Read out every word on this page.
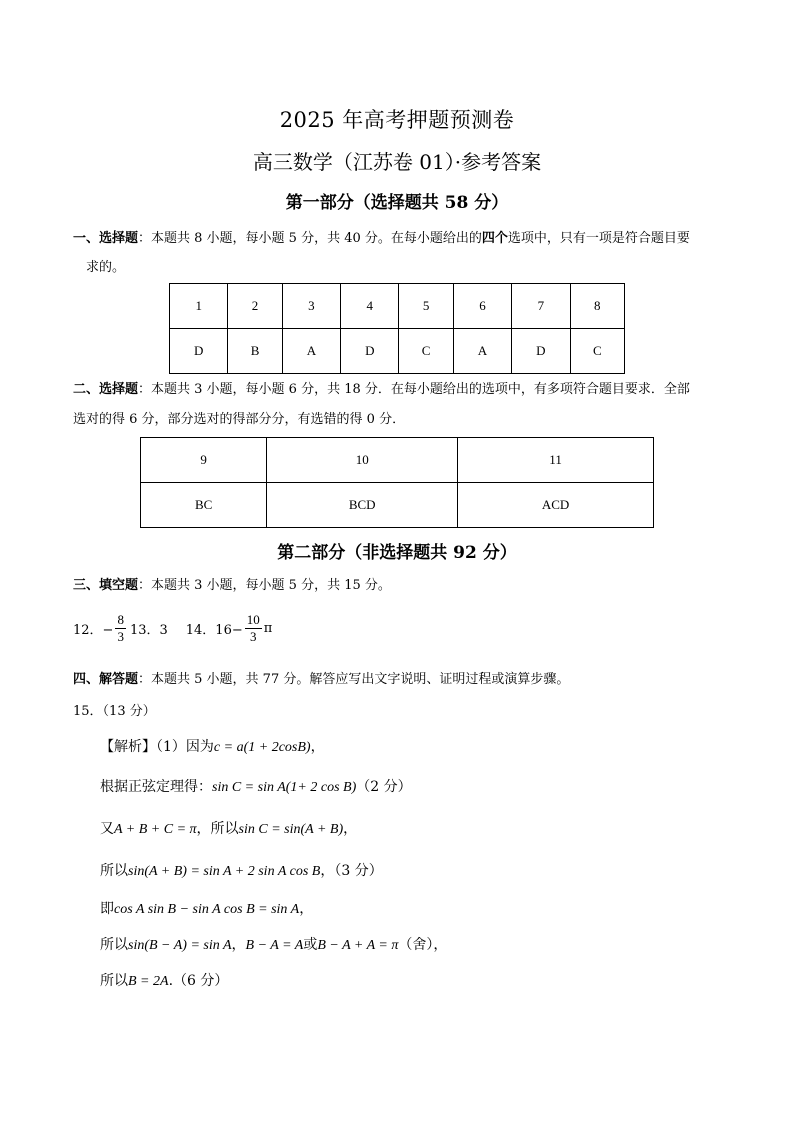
2025 年高考押题预测卷
高三数学（江苏卷 01）·参考答案
第一部分（选择题共 58 分）
一、选择题：本题共 8 小题，每小题 5 分，共 40 分。在每小题给出的四个选项中，只有一项是符合题目要
求的。
1	2	3	4	5	6	7	8
D	B	A	D	C	A	D	C
二、选择题：本题共 3 小题，每小题 6 分，共 18 分．在每小题给出的选项中，有多项符合题目要求．全部
选对的得 6 分，部分选对的得部分分，有选错的得 0 分．
9	10	11
BC	BCD	ACD
第二部分（非选择题共 92 分）
三、填空题：本题共 3 小题，每小题 5 分，共 15 分。
12．− $\frac{8}{3} 13$．3 14．$16- \frac{10}{3}$ π
四、解答题：本题共 5 小题，共 77 分。解答应写出文字说明、证明过程或演算步骤。
15．（13 分）
【解析】（1）因为c = a(1 + 2cosB)，
根据正弦定理得：sin C = sin A(1+ 2 cos B)（2 分）
又A + B + C = π，所以sin C = sin(A + B)，
所以sin(A + B) = sin A + 2 sin A cos B，（3 分）
即cos A sin B − sin A cos B = sin A，
所以sin(B − A) = sin A，B − A = A或B − A + A = π（舍），
所以B = 2A.（6 分）
